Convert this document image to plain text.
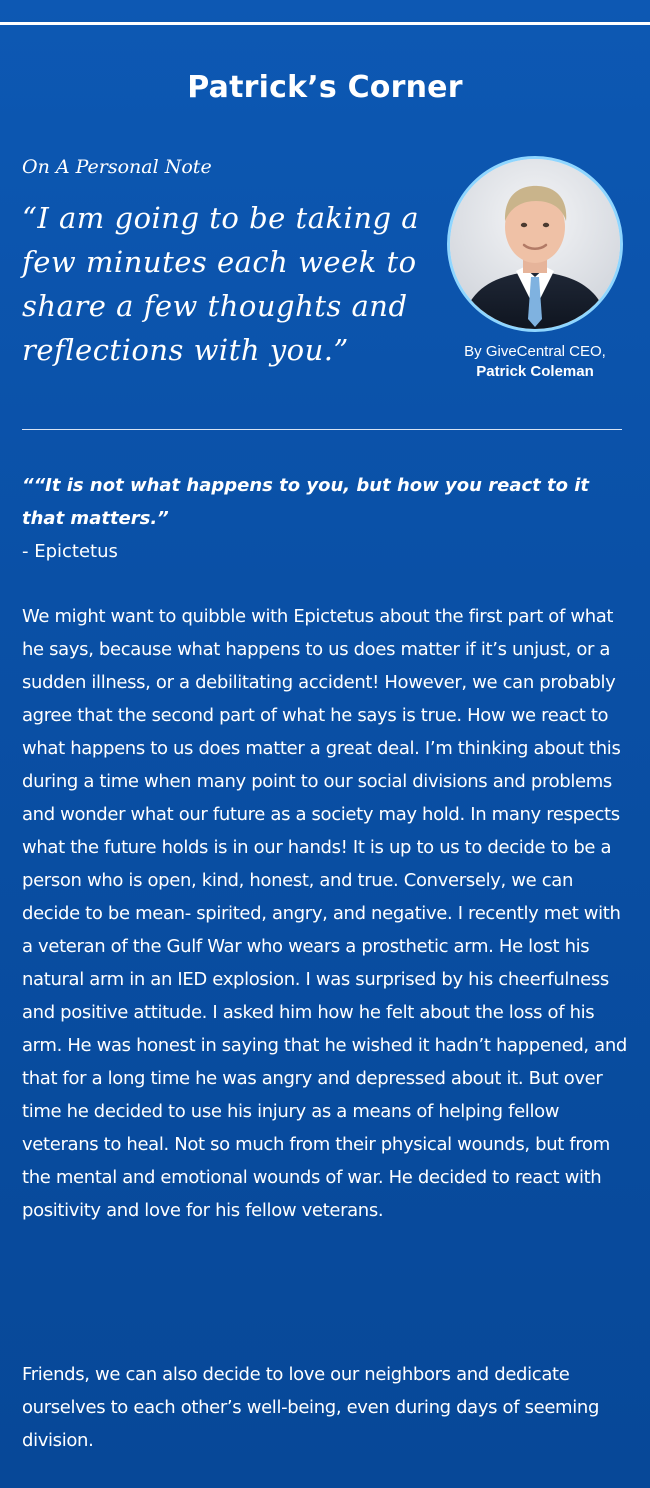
Patrick’s Corner
On A Personal Note
“I am going to be taking a few minutes each week to share a few thoughts and reflections with you.”	By GiveCentral CEO,
Patrick Coleman
““It is not what happens to you, but how you react to it that matters.”
- Epictetus

We might want to quibble with Epictetus about the first part of what he says, because what happens to us does matter if it’s unjust, or a sudden illness, or a debilitating accident! However, we can probably agree that the second part of what he says is true. How we react to what happens to us does matter a great deal. I’m thinking about this during a time when many point to our social divisions and problems and wonder what our future as a society may hold. In many respects what the future holds is in our hands! It is up to us to decide to be a person who is open, kind, honest, and true. Conversely, we can decide to be mean- spirited, angry, and negative. I recently met with a veteran of the Gulf War who wears a prosthetic arm. He lost his natural arm in an IED explosion. I was surprised by his cheerfulness and positive attitude. I asked him how he felt about the loss of his arm. He was honest in saying that he wished it hadn’t happened, and that for a long time he was angry and depressed about it. But over time he decided to use his injury as a means of helping fellow veterans to heal. Not so much from their physical wounds, but from the mental and emotional wounds of war. He decided to react with positivity and love for his fellow veterans.

Friends, we can also decide to love our neighbors and dedicate ourselves to each other’s well-being, even during days of seeming division.
